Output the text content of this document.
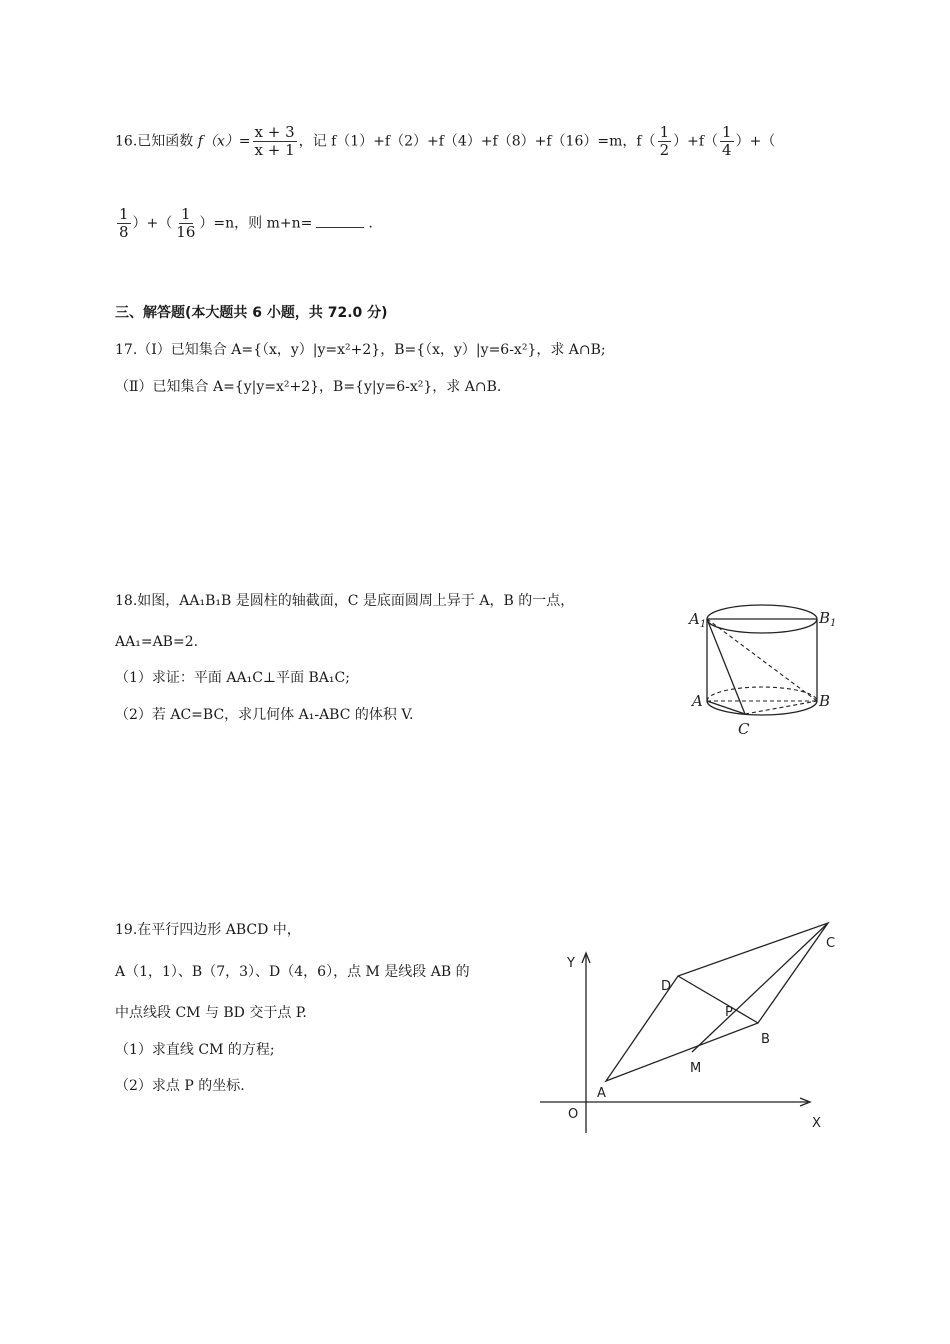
16.已知函数 $f(x)= \frac{x + 3}{x + 1}$ ，记 f（1）+f（2）+f（4）+f（8）+f（16）=m，$f( \frac{1}{2} )+f( \frac{1}{4}$ ）+（
$\frac{1}{8}$ ）+（ $\frac{1}{16} )=n$，则 m+n=	.
三、解答题(本大题共 6 小题，共 72.0 分)
17.（Ⅰ）已知集合 A={（x，y）|y=x²+2}，B={（x，y）|y=6-x²}，求 A∩B;
（Ⅱ）已知集合 A={y|y=x²+2}，B={y|y=6-x²}，求 A∩B.
18.如图，AA₁B₁B 是圆柱的轴截面，C 是底面圆周上异于 A，B 的一点，
AA₁=AB=2.
（1）求证：平面 AA₁C⊥平面 BA₁C;
（2）若 AC=BC，求几何体 A₁-ABC 的体积 V.
$A_1$	$B_1$
A	B
C
19.在平行四边形 ABCD 中，
A（1，1）、B（7，3）、D（4，6），点 M 是线段 AB 的
中点线段 CM 与 BD 交于点 P.
（1）求直线 CM 的方程;
（2）求点 P 的坐标.
Y
X
O
A
B
C
D
M
P
